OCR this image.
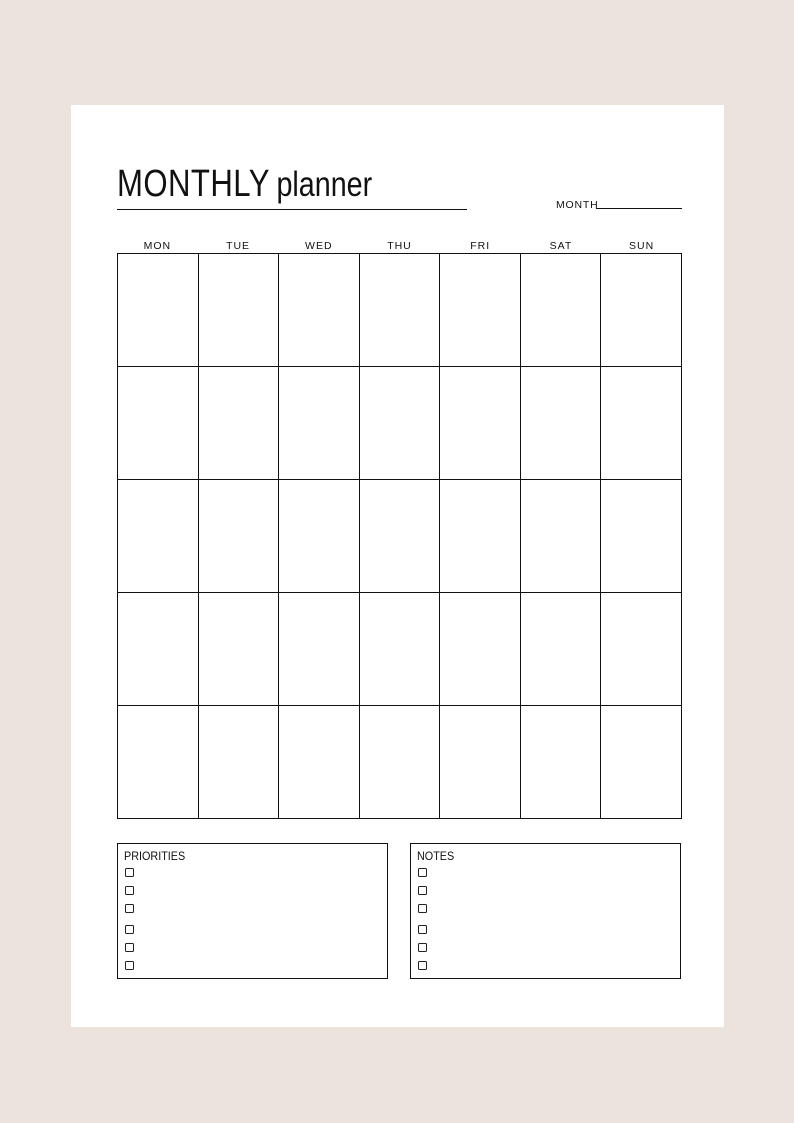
MONTHLY planner
MONTH
MON	TUE	WED	THU	FRI	SAT	SUN
PRIORITIES	NOTES
